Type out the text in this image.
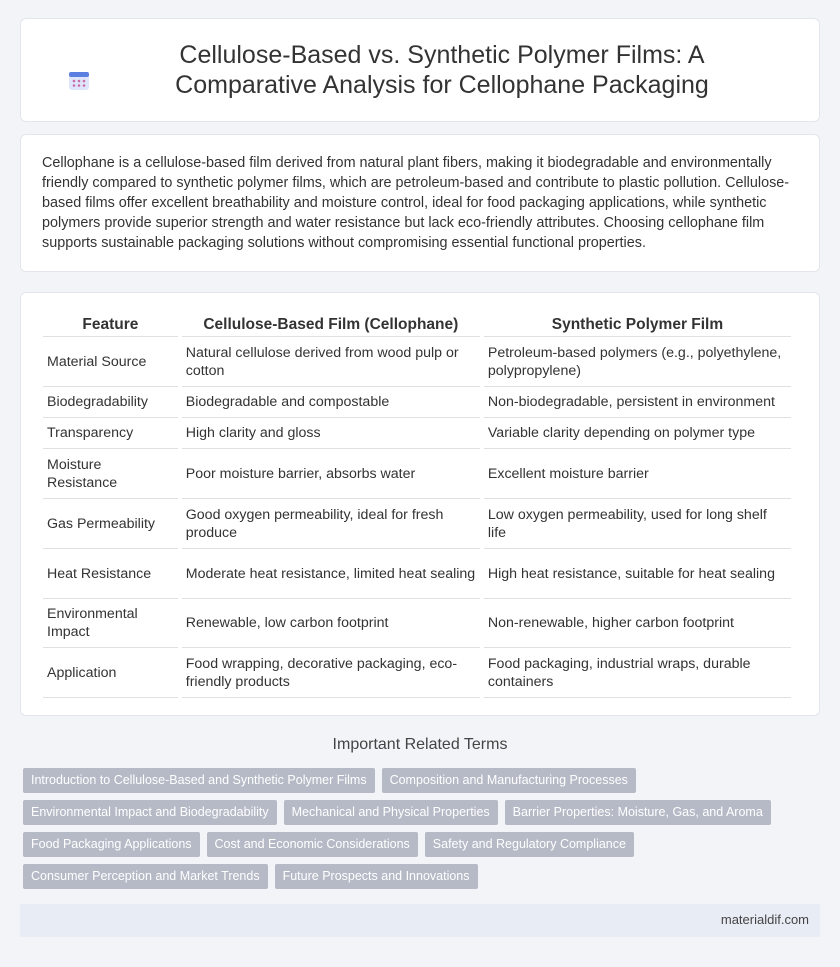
Cellulose-Based vs. Synthetic Polymer Films: A Comparative Analysis for Cellophane Packaging

Cellophane is a cellulose-based film derived from natural plant fibers, making it biodegradable and environmentally friendly compared to synthetic polymer films, which are petroleum-based and contribute to plastic pollution. Cellulose-based films offer excellent breathability and moisture control, ideal for food packaging applications, while synthetic polymers provide superior strength and water resistance but lack eco-friendly attributes. Choosing cellophane film supports sustainable packaging solutions without compromising essential functional properties.

Feature	Cellulose-Based Film (Cellophane)	Synthetic Polymer Film
Material Source	Natural cellulose derived from wood pulp or cotton	Petroleum-based polymers (e.g., polyethylene, polypropylene)
Biodegradability	Biodegradable and compostable	Non-biodegradable, persistent in environment
Transparency	High clarity and gloss	Variable clarity depending on polymer type
Moisture Resistance	Poor moisture barrier, absorbs water	Excellent moisture barrier
Gas Permeability	Good oxygen permeability, ideal for fresh produce	Low oxygen permeability, used for long shelf life
Heat Resistance	Moderate heat resistance, limited heat sealing	High heat resistance, suitable for heat sealing
Environmental Impact	Renewable, low carbon footprint	Non-renewable, higher carbon footprint
Application	Food wrapping, decorative packaging, eco-friendly products	Food packaging, industrial wraps, durable containers
Important Related Terms
Introduction to Cellulose-Based and Synthetic Polymer Films	Composition and Manufacturing Processes
Environmental Impact and Biodegradability	Mechanical and Physical Properties	Barrier Properties: Moisture, Gas, and Aroma
Food Packaging Applications	Cost and Economic Considerations	Safety and Regulatory Compliance
Consumer Perception and Market Trends	Future Prospects and Innovations
materialdif.com
